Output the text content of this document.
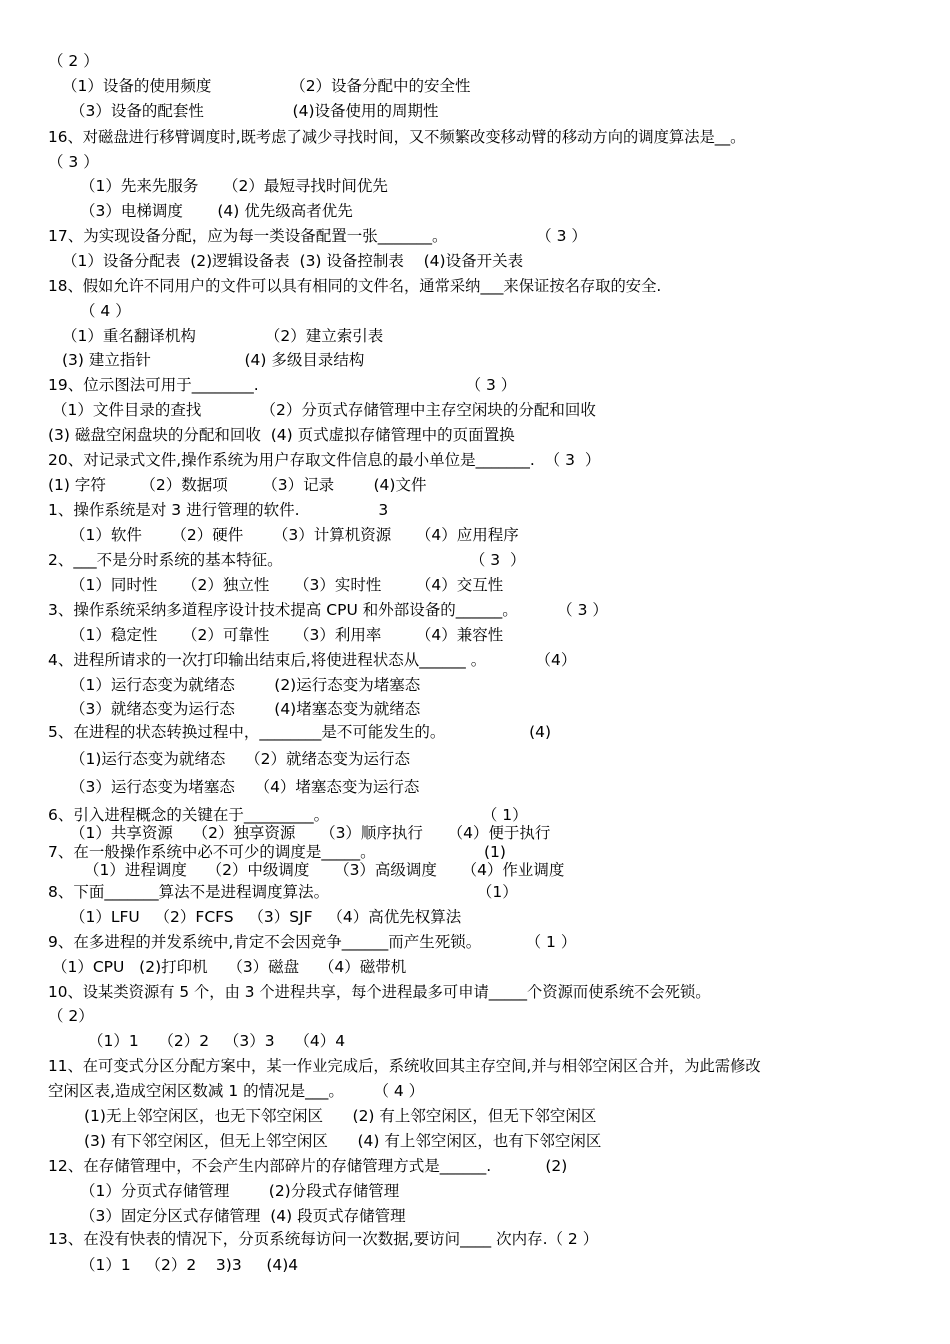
（ 2 ）
（1）设备的使用频度                （2）设备分配中的安全性
（3）设备的配套性                  (4)设备使用的周期性
16、对磁盘进行移臂调度时,既考虑了减少寻找时间，又不频繁改变移动臂的移动方向的调度算法是__。
（ 3 ）
（1）先来先服务     （2）最短寻找时间优先
（3）电梯调度       (4) 优先级高者优先
17、为实现设备分配，应为每一类设备配置一张_______。                  （ 3 ）
（1）设备分配表  (2)逻辑设备表  (3) 设备控制表    (4)设备开关表
18、假如允许不同用户的文件可以具有相同的文件名，通常采纳___来保证按名存取的安全.
（ 4 ）
（1）重名翻译机构              （2）建立索引表
(3) 建立指针                   (4) 多级目录结构
19、位示图法可用于________.                                          （ 3 ）
（1）文件目录的查找            （2）分页式存储管理中主存空闲块的分配和回收
(3) 磁盘空闲盘块的分配和回收  (4) 页式虚拟存储管理中的页面置换
20、对记录式文件,操作系统为用户存取文件信息的最小单位是_______.  （ 3  ）
(1) 字符       （2）数据项       （3）记录        (4)文件
1、操作系统是对 3 进行管理的软件.                3
（1）软件      （2）硬件      （3）计算机资源     （4）应用程序
2、___不是分时系统的基本特征。                                      （ 3  ）
（1）同时性     （2）独立性     （3）实时性       （4）交互性
3、操作系统采纳多道程序设计技术提高 CPU 和外部设备的______。        （ 3 ）
（1）稳定性     （2）可靠性     （3）利用率       （4）兼容性
4、进程所请求的一次打印输出结束后,将使进程状态从______ 。          （4）
（1）运行态变为就绪态        (2)运行态变为堵塞态
（3）就绪态变为运行态        (4)堵塞态变为就绪态
5、在进程的状态转换过程中，________是不可能发生的。                 (4)
（1)运行态变为就绪态    （2）就绪态变为运行态
（3）运行态变为堵塞态    （4）堵塞态变为运行态
6、引入进程概念的关键在于_________。                               （ 1）
（1）共享资源    （2）独享资源     （3）顺序执行     （4）便于执行
7、在一般操作系统中必不可少的调度是_____。                      (1)
（1）进程调度    （2）中级调度     （3）高级调度     （4）作业调度
8、下面_______算法不是进程调度算法。                              （1）
（1）LFU   （2）FCFS   （3）SJF   （4）高优先权算法
9、在多进程的并发系统中,肯定不会因竞争______而产生死锁。         （ 1 ）
（1）CPU   (2)打印机    （3）磁盘    （4）磁带机
10、设某类资源有 5 个，由 3 个进程共享，每个进程最多可申请_____个资源而使系统不会死锁。
（ 2）
（1）1    （2）2   （3）3    （4）4
11、在可变式分区分配方案中，某一作业完成后，系统收回其主存空间,并与相邻空闲区合并，为此需修改
空闲区表,造成空闲区数减 1 的情况是___。      （ 4 ）
(1)无上邻空闲区，也无下邻空闲区      (2) 有上邻空闲区，但无下邻空闲区
(3) 有下邻空闲区，但无上邻空闲区      (4) 有上邻空闲区，也有下邻空闲区
12、在存储管理中，不会产生内部碎片的存储管理方式是______.           (2)
（1）分页式存储管理        (2)分段式存储管理
（3）固定分区式存储管理  (4) 段页式存储管理
13、在没有快表的情况下，分页系统每访问一次数据,要访问____ 次内存.（ 2 ）
（1）1   （2）2    3)3     (4)4
